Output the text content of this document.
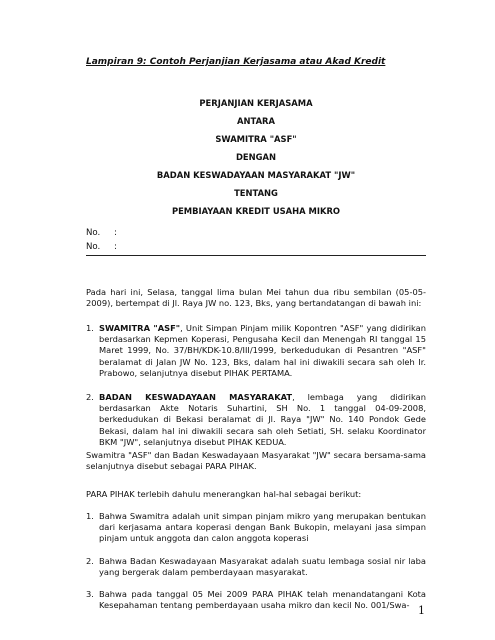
Lampiran 9: Contoh Perjanjian Kerjasama atau Akad Kredit
PERJANJIAN KERJASAMA
ANTARA
SWAMITRA "ASF"
DENGAN
BADAN KESWADAYAAN MASYARAKAT "JW"
TENTANG
PEMBIAYAAN KREDIT USAHA MIKRO
No. :
No. :

Pada hari ini, Selasa, tanggal lima bulan Mei tahun dua ribu sembilan (05-05-2009), bertempat di Jl. Raya JW no. 123, Bks, yang bertandatangan di bawah ini:

1. SWAMITRA "ASF", Unit Simpan Pinjam milik Kopontren "ASF" yang didirikan berdasarkan Kepmen Koperasi, Pengusaha Kecil dan Menengah RI tanggal 15 Maret 1999, No. 37/BH/KDK-10.8/III/1999, berkedudukan di Pesantren "ASF" beralamat di Jalan JW No. 123, Bks, dalam hal ini diwakili secara sah oleh Ir. Prabowo, selanjutnya disebut PIHAK PERTAMA.
2. BADAN KESWADAYAAN MASYARAKAT, lembaga yang didirikan berdasarkan Akte Notaris Suhartini, SH No. 1 tanggal 04-09-2008, berkedudukan di Bekasi beralamat di Jl. Raya "JW" No. 140 Pondok Gede Bekasi, dalam hal ini diwakili secara sah oleh Setiati, SH. selaku Koordinator BKM "JW", selanjutnya disebut PIHAK KEDUA.

Swamitra "ASF" dan Badan Keswadayaan Masyarakat "JW" secara bersama-sama selanjutnya disebut sebagai PARA PIHAK.

PARA PIHAK terlebih dahulu menerangkan hal-hal sebagai berikut:

1. Bahwa Swamitra adalah unit simpan pinjam mikro yang merupakan bentukan dari kerjasama antara koperasi dengan Bank Bukopin, melayani jasa simpan pinjam untuk anggota dan calon anggota koperasi
2. Bahwa Badan Keswadayaan Masyarakat adalah suatu lembaga sosial nir laba yang bergerak dalam pemberdayaan masyarakat.
3. Bahwa pada tanggal 05 Mei 2009 PARA PIHAK telah menandatangani Kota Kesepahaman tentang pemberdayaan usaha mikro dan kecil No. 001/Swa- 1
